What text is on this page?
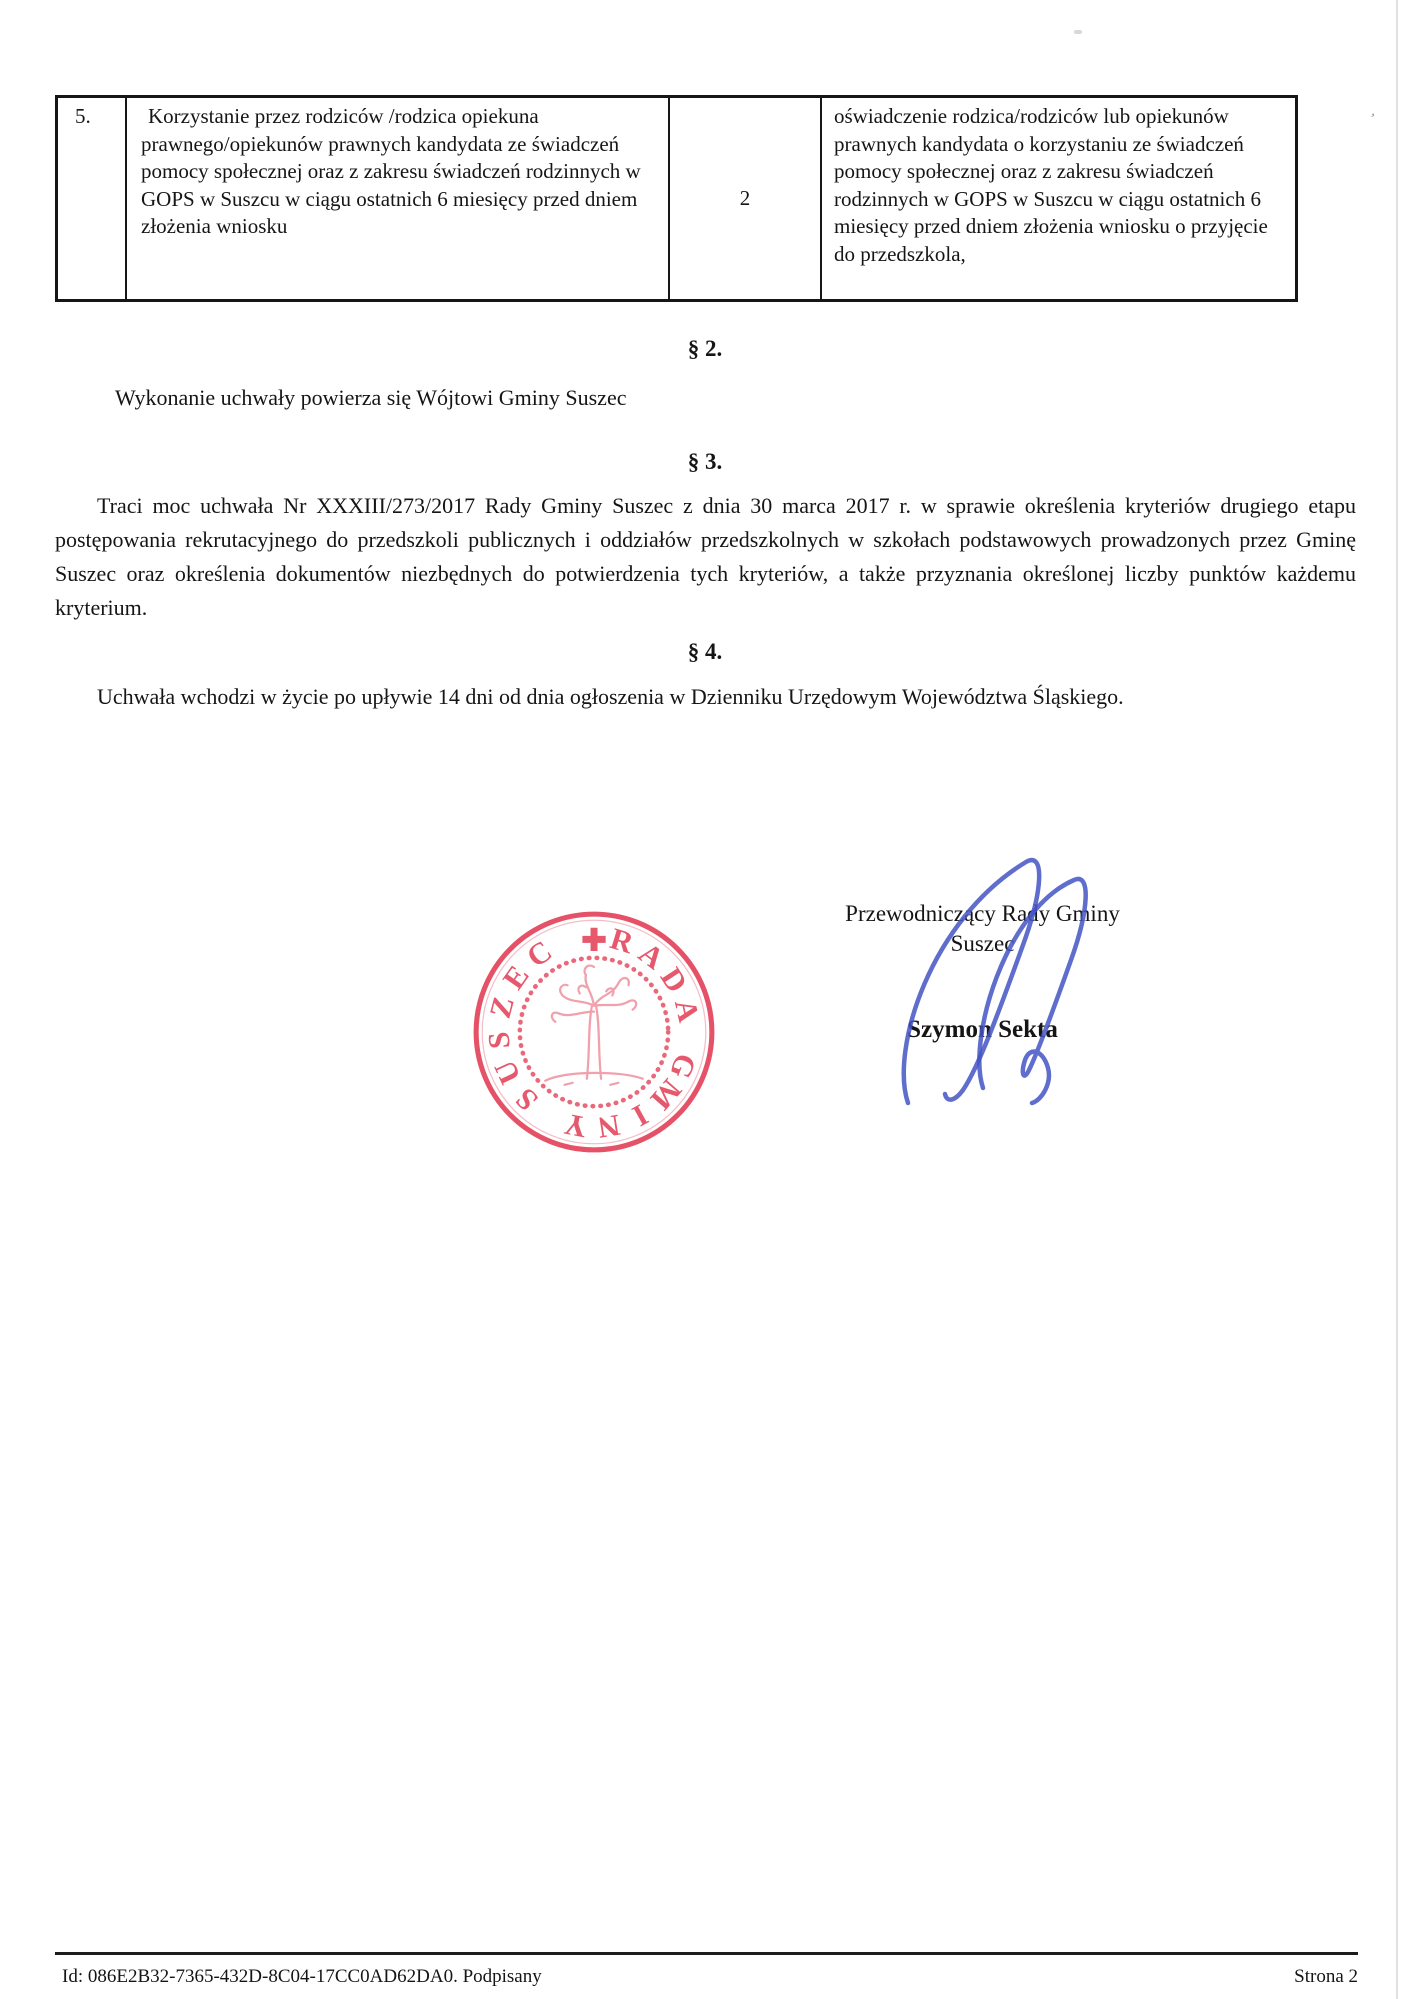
5.	Korzystanie przez rodziców /rodzica opiekuna prawnego/opiekunów prawnych kandydata ze świadczeń pomocy społecznej oraz z zakresu świadczeń rodzinnych w GOPS w Suszcu w ciągu ostatnich 6 miesięcy przed dniem złożenia wniosku
2
oświadczenie rodzica/rodziców lub opiekunów prawnych kandydata o korzystaniu ze świadczeń pomocy społecznej oraz z zakresu świadczeń rodzinnych w GOPS w Suszcu w ciągu ostatnich 6 miesięcy przed dniem złożenia wniosku o przyjęcie do przedszkola,
§ 2.
Wykonanie uchwały powierza się Wójtowi Gminy Suszec
§ 3.
Traci moc uchwała Nr XXXIII/273/2017 Rady Gminy Suszec z dnia 30 marca 2017 r. w sprawie określenia kryteriów drugiego etapu postępowania rekrutacyjnego do przedszkoli publicznych i oddziałów przedszkolnych w szkołach podstawowych prowadzonych przez Gminę Suszec oraz określenia dokumentów niezbędnych do potwierdzenia tych kryteriów, a także przyznania określonej liczby punktów każdemu kryterium.
§ 4.
Uchwała wchodzi w życie po upływie 14 dni od dnia ogłoszenia w Dzienniku Urzędowym Województwa Śląskiego.
✚ R
A
D
A
G
M
I
N
Y
S
U
S
Z
E
C
Przewodniczący Rady Gminy
Suszec
Szymon Sekta
Id: 086E2B32-7365-432D-8C04-17CC0AD62DA0. Podpisany	Strona 2
’
